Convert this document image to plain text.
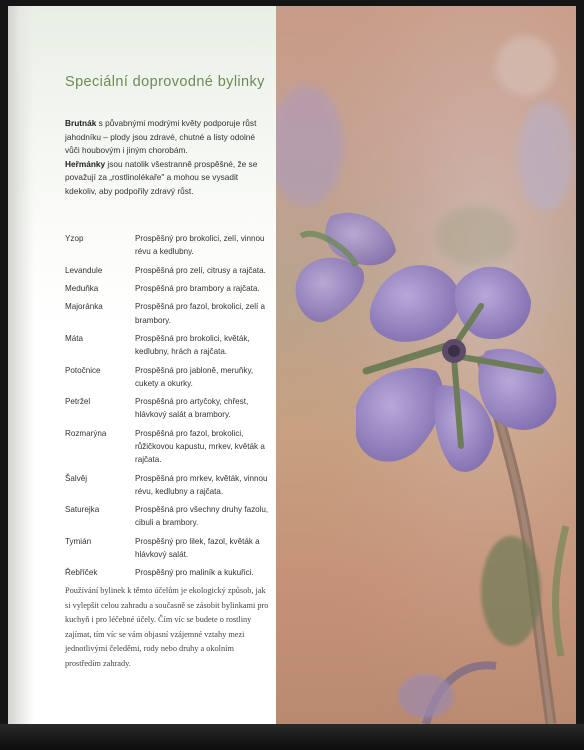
Speciální doprovodné bylinky
Brutnák s půvabnými modrými květy podporuje růst jahodníku – plody jsou zdravé, chutné a listy odolné vůči houbovým i jiným chorobám.
Heřmánky jsou natolik všestranně prospěšné, že se považují za „rostlinolékaře" a mohou se vysadit kdekoliv, aby podpořily zdravý růst.
Yzop	Prospěšný pro brokolici, zelí, vinnou révu a kedlubny.
Levandule	Prospěšná pro zelí, citrusy a rajčata.
Meduňka	Prospěšná pro brambory a rajčata.
Majoránka	Prospěšná pro fazol, brokolici, zelí a brambory.
Máta	Prospěšná pro brokolici, květák, kedlubny, hrách a rajčata.
Potočnice	Prospěšná pro jabloně, meruňky, cukety a okurky.
Petržel	Prospěšná pro artyčoky, chřest, hlávkový salát a brambory.
Rozmarýna	Prospěšná pro fazol, brokolici, růžičkovou kapustu, mrkev, květák a rajčata.
Šalvěj	Prospěšná pro mrkev, květák, vinnou révu, kedlubny a rajčata.
Saturejka	Prospěšná pro všechny druhy fazolu, cibuli a brambory.
Tymián	Prospěšný pro lilek, fazol, květák a hlávkový salát.
Řebříček	Prospěšný pro maliník a kukuřici.
Používání bylinek k těmto účelům je ekologický způsob, jak si vylepšit celou zahradu a současně se zásobit bylinkami pro kuchyň i pro léčebné účely. Čím víc se budete o rostliny zajímat, tím víc se vám objasní vzájemné vztahy mezi jednotlivými čeleděmi, rody nebo druhy a okolním prostředím zahrady.
